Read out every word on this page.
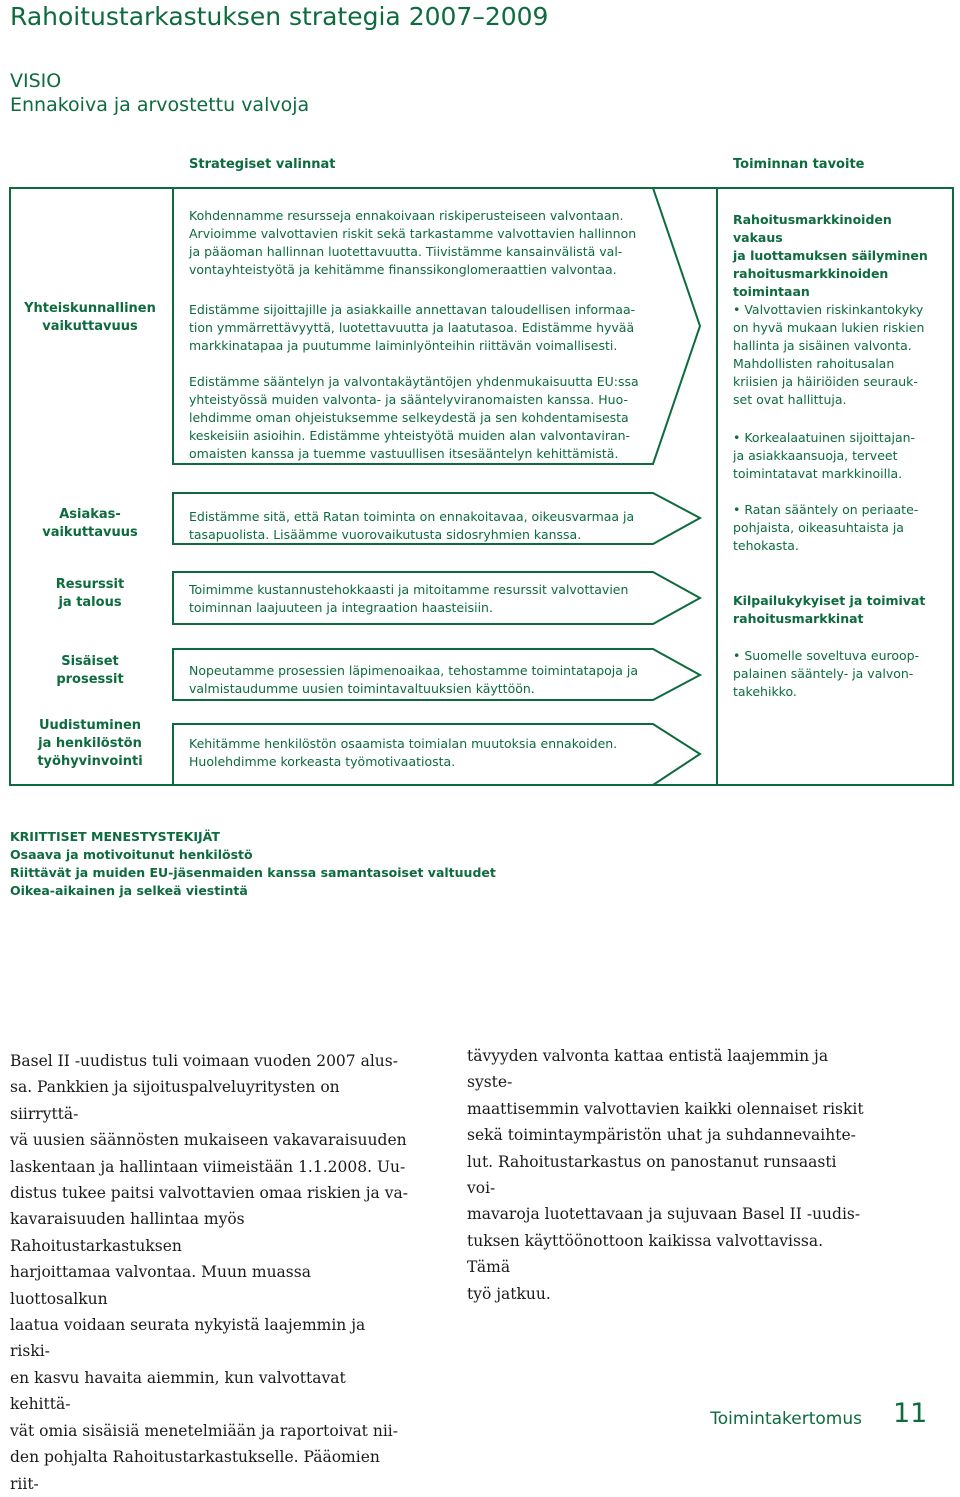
Rahoitustarkastuksen strategia 2007–2009
VISIO
Ennakoiva ja arvostettu valvoja
Strategiset valinnat	Toiminnan tavoite
Yhteiskunnallinen
vaikuttavuus
Asiakas-
vaikuttavuus
Resurssit
ja talous
Sisäiset
prosessit
Uudistuminen
ja henkilöstön
työhyvinvointi
Kohdennamme resursseja ennakoivaan riskiperusteiseen valvontaan.
Arvioimme valvottavien riskit sekä tarkastamme valvottavien hallinnon
ja pääoman hallinnan luotettavuutta. Tiivistämme kansainvälistä val-
vontayhteistyötä ja kehitämme finanssikonglomeraattien valvontaa.
Edistämme sijoittajille ja asiakkaille annettavan taloudellisen informaa-
tion ymmärrettävyyttä, luotettavuutta ja laatutasoa. Edistämme hyvää
markkinatapaa ja puutumme laiminlyönteihin riittävän voimallisesti.
Edistämme sääntelyn ja valvontakäytäntöjen yhdenmukaisuutta EU:ssa
yhteistyössä muiden valvonta- ja sääntelyviranomaisten kanssa. Huo-
lehdimme oman ohjeistuksemme selkeydestä ja sen kohdentamisesta
keskeisiin asioihin. Edistämme yhteistyötä muiden alan valvontaviran-
omaisten kanssa ja tuemme vastuullisen itsesääntelyn kehittämistä.
Edistämme sitä, että Ratan toiminta on ennakoitavaa, oikeusvarmaa ja
tasapuolista. Lisäämme vuorovaikutusta sidosryhmien kanssa.
Toimimme kustannustehokkaasti ja mitoitamme resurssit valvottavien
toiminnan laajuuteen ja integraation haasteisiin.
Nopeutamme prosessien läpimenoaikaa, tehostamme toimintatapoja ja
valmistaudumme uusien toimintavaltuuksien käyttöön.
Kehitämme henkilöstön osaamista toimialan muutoksia ennakoiden.
Huolehdimme korkeasta työmotivaatiosta.
Rahoitusmarkkinoiden vakaus
ja luottamuksen säilyminen
rahoitusmarkkinoiden
toimintaan
• Valvottavien riskinkantokyky
on hyvä mukaan lukien riskien
hallinta ja sisäinen valvonta.
Mahdollisten rahoitusalan
kriisien ja häiriöiden seurauk-
set ovat hallittuja.
• Korkealaatuinen sijoittajan-
ja asiakkaansuoja, terveet
toimintatavat markkinoilla.
• Ratan sääntely on periaate-
pohjaista, oikeasuhtaista ja
tehokasta.
Kilpailukykyiset ja toimivat
rahoitusmarkkinat
• Suomelle soveltuva euroop-
palainen sääntely- ja valvon-
takehikko.
KRIITTISET MENESTYSTEKIJÄT
Osaava ja motivoitunut henkilöstö
Riittävät ja muiden EU-jäsenmaiden kanssa samantasoiset valtuudet
Oikea-aikainen ja selkeä viestintä
Basel II -uudistus tuli voimaan vuoden 2007 alus-
sa. Pankkien ja sijoituspalveluyritysten on siirryttä-
vä uusien säännösten mukaiseen vakavaraisuuden
laskentaan ja hallintaan viimeistään 1.1.2008. Uu-
distus tukee paitsi valvottavien omaa riskien ja va-
kavaraisuuden hallintaa myös Rahoitustarkastuksen
harjoittamaa valvontaa. Muun muassa luottosalkun
laatua voidaan seurata nykyistä laajemmin ja riski-
en kasvu havaita aiemmin, kun valvottavat kehittä-
vät omia sisäisiä menetelmiään ja raportoivat nii-
den pohjalta Rahoitustarkastukselle. Pääomien riit-
tävyyden valvonta kattaa entistä laajemmin ja syste-
maattisemmin valvottavien kaikki olennaiset riskit
sekä toimintaympäristön uhat ja suhdannevaihte-
lut. Rahoitustarkastus on panostanut runsaasti voi-
mavaroja luotettavaan ja sujuvaan Basel II -uudis-
tuksen käyttöönottoon kaikissa valvottavissa. Tämä
työ jatkuu.
Toimintakertomus 11
